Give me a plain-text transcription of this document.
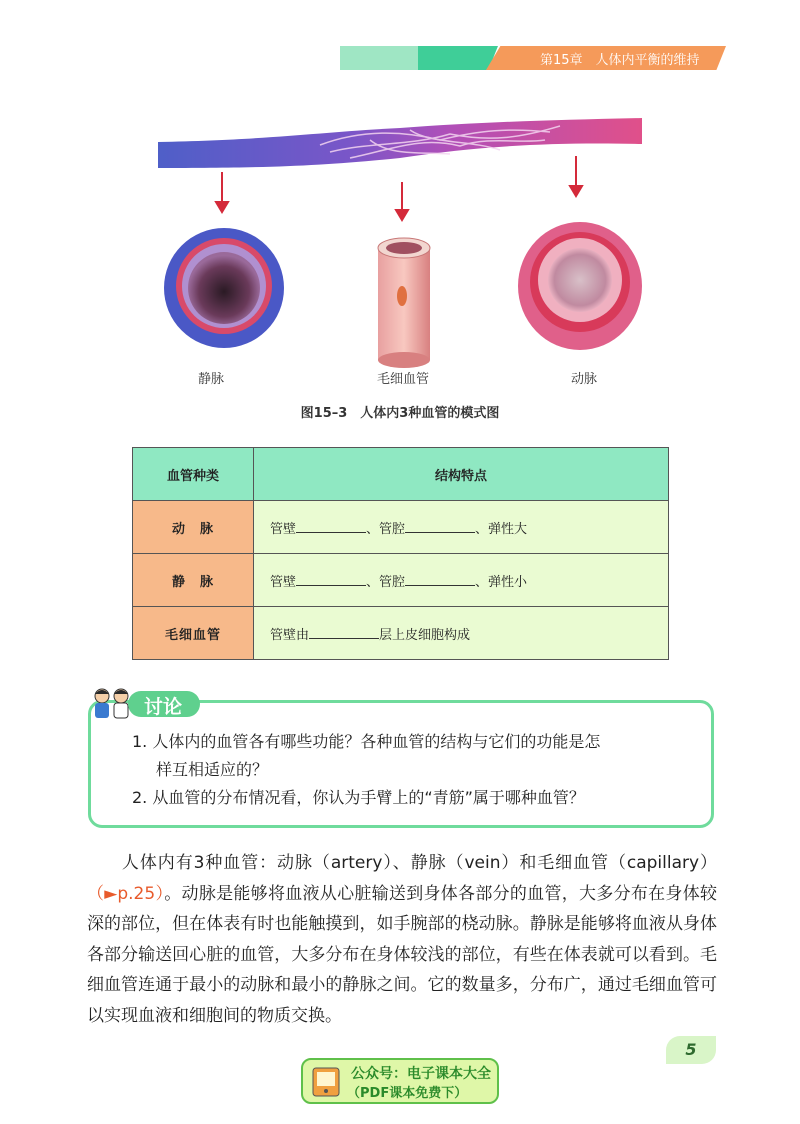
第15章　人体内平衡的维持
静脉	毛细血管	动脉
图15–3　人体内3种血管的模式图
血管种类	结构特点
动　脉	管壁 、管腔 、弹性大
静　脉	管壁 、管腔 、弹性小
毛细血管	管壁由 层上皮细胞构成
讨论
1. 人体内的血管各有哪些功能？各种血管的结构与它们的功能是怎
样互相适应的？
2. 从血管的分布情况看，你认为手臂上的“青筋”属于哪种血管？
人体内有3种血管：动脉（artery）、静脉（vein）和毛细血管（capillary）（►p.25）。动脉是能够将血液从心脏输送到身体各部分的血管，大多分布在身体较深的部位，但在体表有时也能触摸到，如手腕部的桡动脉。静脉是能够将血液从身体各部分输送回心脏的血管，大多分布在身体较浅的部位，有些在体表就可以看到。毛细血管连通于最小的动脉和最小的静脉之间。它的数量多，分布广，通过毛细血管可以实现血液和细胞间的物质交换。
5
公众号：电子课本大全
（PDF课本免费下）
